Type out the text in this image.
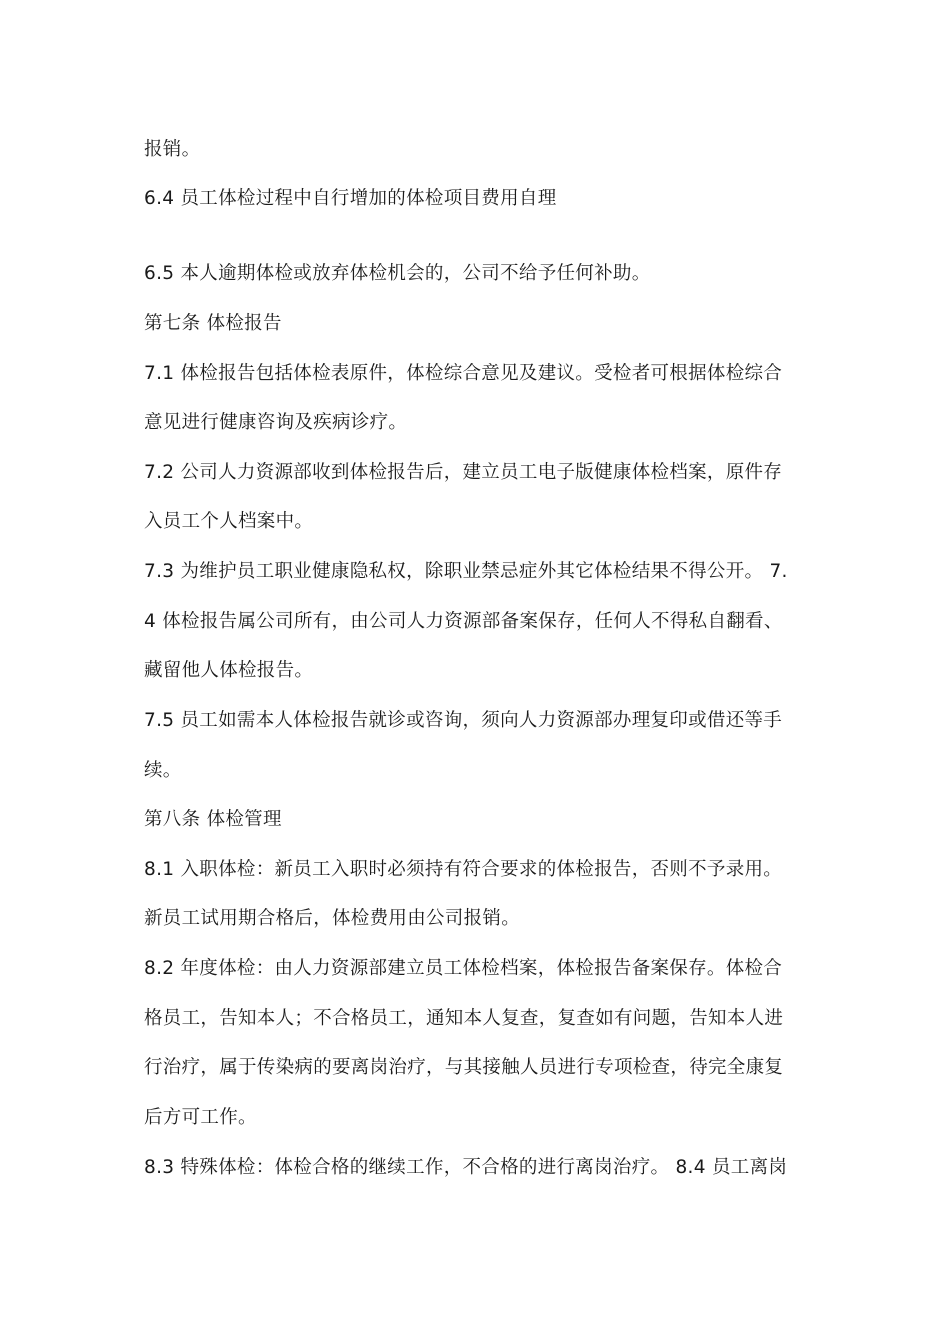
报销。
6.4 员工体检过程中自行增加的体检项目费用自理
6.5 本人逾期体检或放弃体检机会的，公司不给予任何补助。
第七条 体检报告
7.1 体检报告包括体检表原件，体检综合意见及建议。受检者可根据体检综合
意见进行健康咨询及疾病诊疗。
7.2 公司人力资源部收到体检报告后，建立员工电子版健康体检档案，原件存
入员工个人档案中。
7.3 为维护员工职业健康隐私权，除职业禁忌症外其它体检结果不得公开。 7.
4 体检报告属公司所有，由公司人力资源部备案保存，任何人不得私自翻看、
藏留他人体检报告。
7.5 员工如需本人体检报告就诊或咨询，须向人力资源部办理复印或借还等手
续。
第八条 体检管理
8.1 入职体检：新员工入职时必须持有符合要求的体检报告，否则不予录用。
新员工试用期合格后，体检费用由公司报销。
8.2 年度体检：由人力资源部建立员工体检档案，体检报告备案保存。体检合
格员工，告知本人；不合格员工，通知本人复查，复查如有问题，告知本人进
行治疗，属于传染病的要离岗治疗，与其接触人员进行专项检查，待完全康复
后方可工作。
8.3 特殊体检：体检合格的继续工作，不合格的进行离岗治疗。 8.4 员工离岗
